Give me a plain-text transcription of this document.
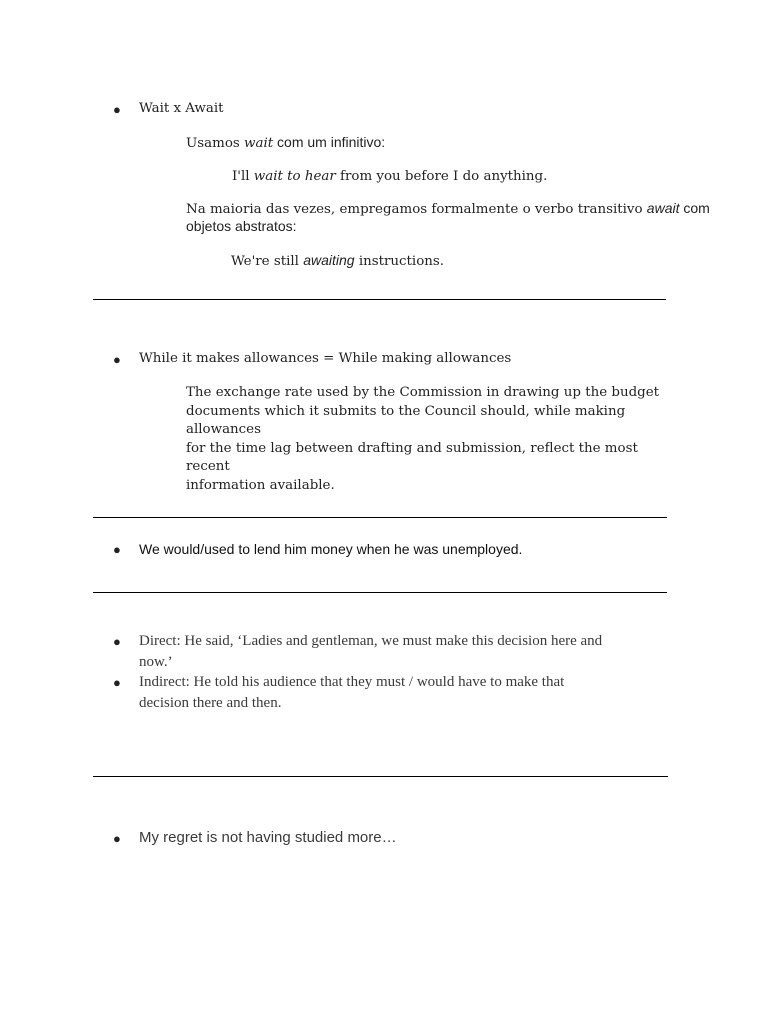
● Wait x Await
Usamos wait com um infinitivo:
I'll wait to hear from you before I do anything.
Na maioria das vezes, empregamos formalmente o verbo transitivo await com
objetos abstratos:
We're still awaiting instructions.
● While it makes allowances = While making allowances
The exchange rate used by the Commission in drawing up the budget
documents which it submits to the Council should, while making allowances
for the time lag between drafting and submission, reflect the most recent
information available.
● We would/used to lend him money when he was unemployed.
● Direct: He said, ‘Ladies and gentleman, we must make this decision here and
now.’
● Indirect: He told his audience that they must / would have to make that
decision there and then.
● My regret is not having studied more…
